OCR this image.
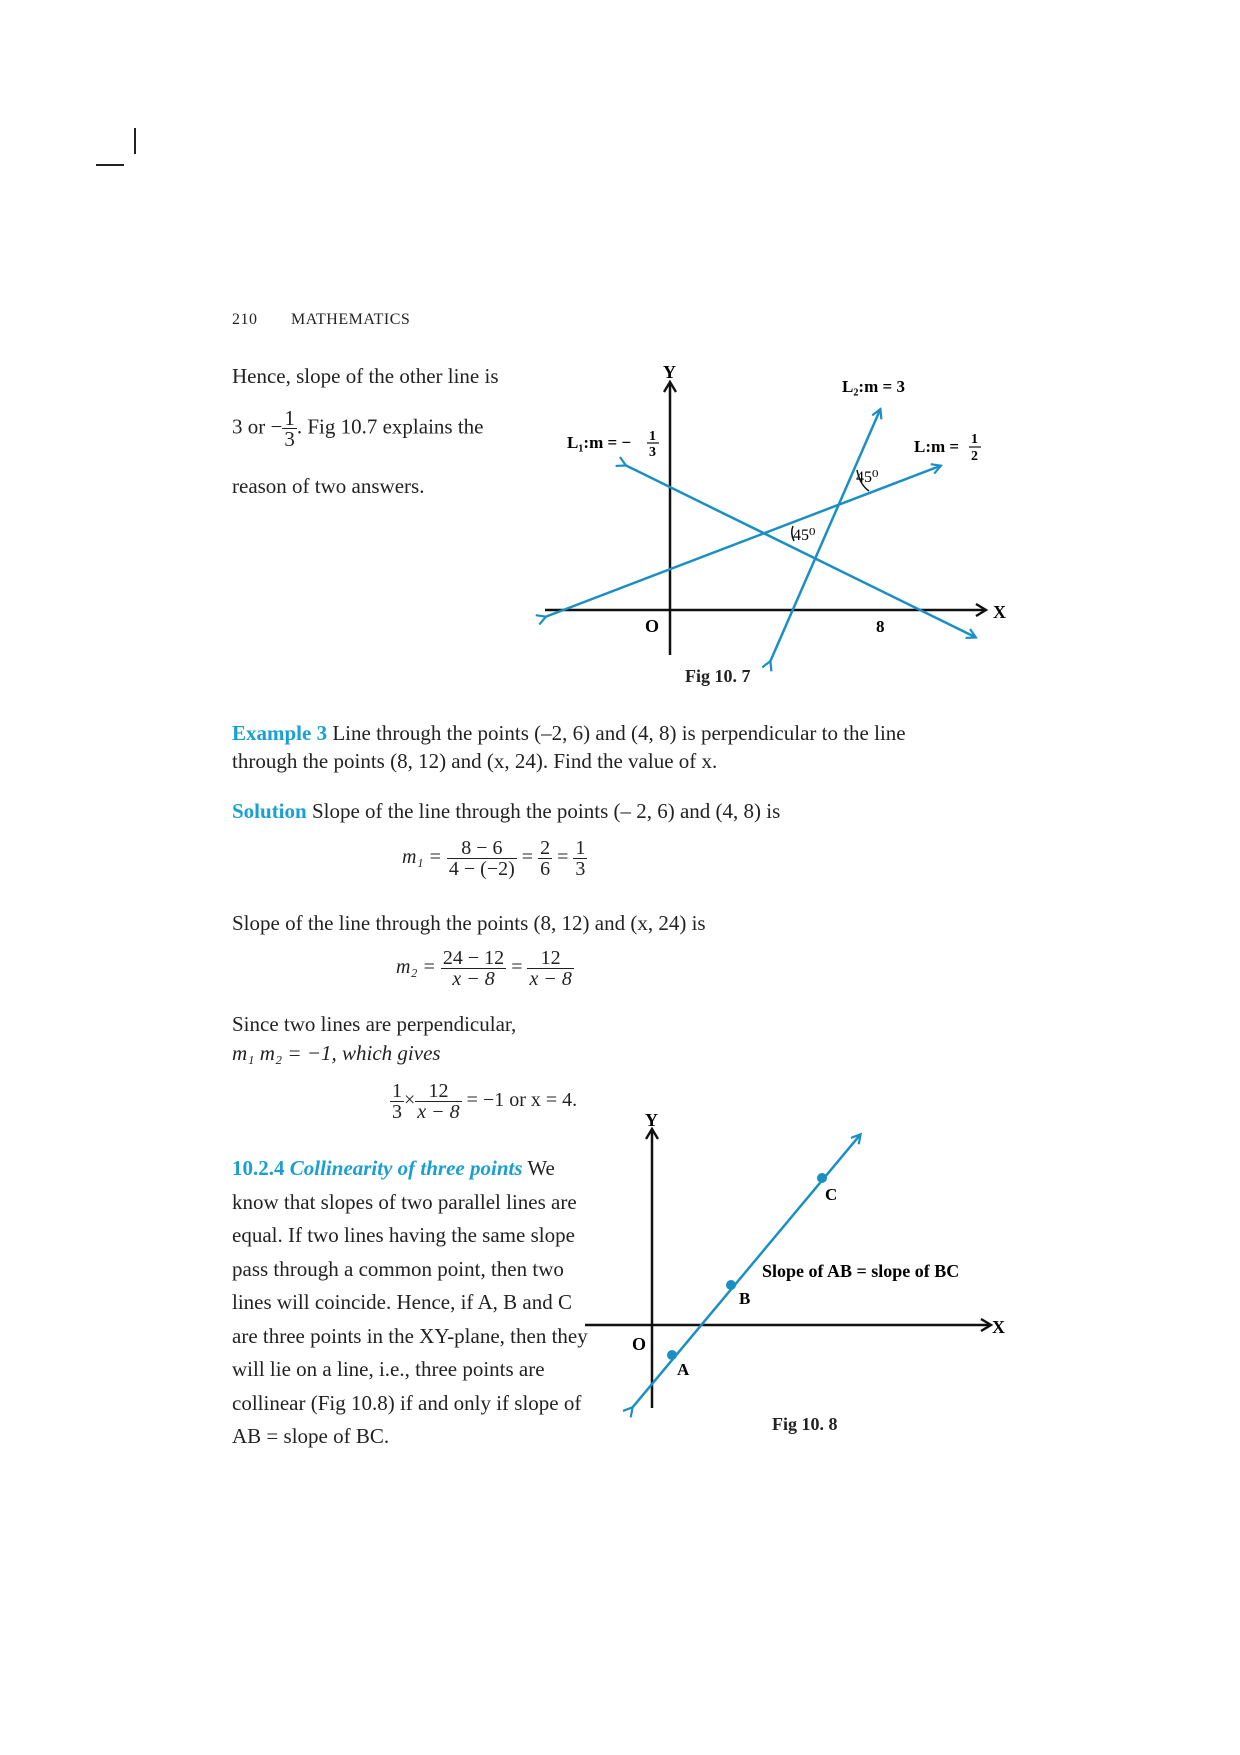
210 MATHEMATICS
Hence, slope of the other line is
3 or − $\frac{1}{3}$ . Fig 10.7 explains the
reason of two answers.
Y
X
O	8
L₂:m = 3
L₁:m = − 1
3	L:m = 1
2
45⁰
45⁰
Fig 10. 7
Example 3 Line through the points (–2, 6) and (4, 8) is perpendicular to the line
through the points (8, 12) and (x, 24). Find the value of x.
Solution Slope of the line through the points (– 2, 6) and (4, 8) is
$m_1 = \frac{8 - 6}{4 - (-2)} = \frac{2}{6} = \frac{1}{3}$
Slope of the line through the points (8, 12) and (x, 24) is
$m_2 = \frac{24 - 12}{x - 8} = \frac{12}{x - 8}$
Since two lines are perpendicular,
m₁ m₂ = −1, which gives
$\frac{1}{3} \times \frac{12}{x - 8} = -1$ or x = 4.
10.2.4 Collinearity of three points We
know that slopes of two parallel lines are
equal. If two lines having the same slope
pass through a common point, then two
lines will coincide. Hence, if A, B and C
are three points in the XY-plane, then they
will lie on a line, i.e., three points are
collinear (Fig 10.8) if and only if slope of
AB = slope of BC.
Y
X
O
A
B
C
Slope of AB = slope of BC
Fig 10. 8
